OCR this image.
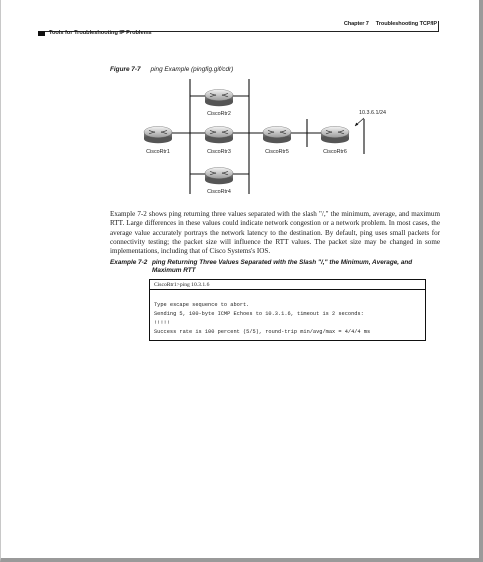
Chapter 7 Troubleshooting TCP/IP
Tools for Troubleshooting IP Problems
Figure 7-7 ping Example (pingfig.gif/cdr)
CiscoRtr1
CiscoRtr2
CiscoRtr3
CiscoRtr4
CiscoRtr5	CiscoRtr6
10.3.6.1/24
Example 7-2 shows ping returning three values separated with the slash "/," the minimum, average, and maximum RTT. Large differences in these values could indicate network congestion or a network problem. In most cases, the average value accurately portrays the network latency to the destination. By default, ping uses small packets for connectivity testing; the packet size will influence the RTT values. The packet size may be changed in some implementations, including that of Cisco Systems's IOS.
Example 7-2 ping Returning Three Values Separated with the Slash "/," the Minimum, Average, and Maximum RTT
CiscoRtr1>ping 10.3.1.6
Type escape sequence to abort.
Sending 5, 100-byte ICMP Echoes to 10.3.1.6, timeout is 2 seconds:
!!!!!
Success rate is 100 percent (5/5), round-trip min/avg/max = 4/4/4 ms
